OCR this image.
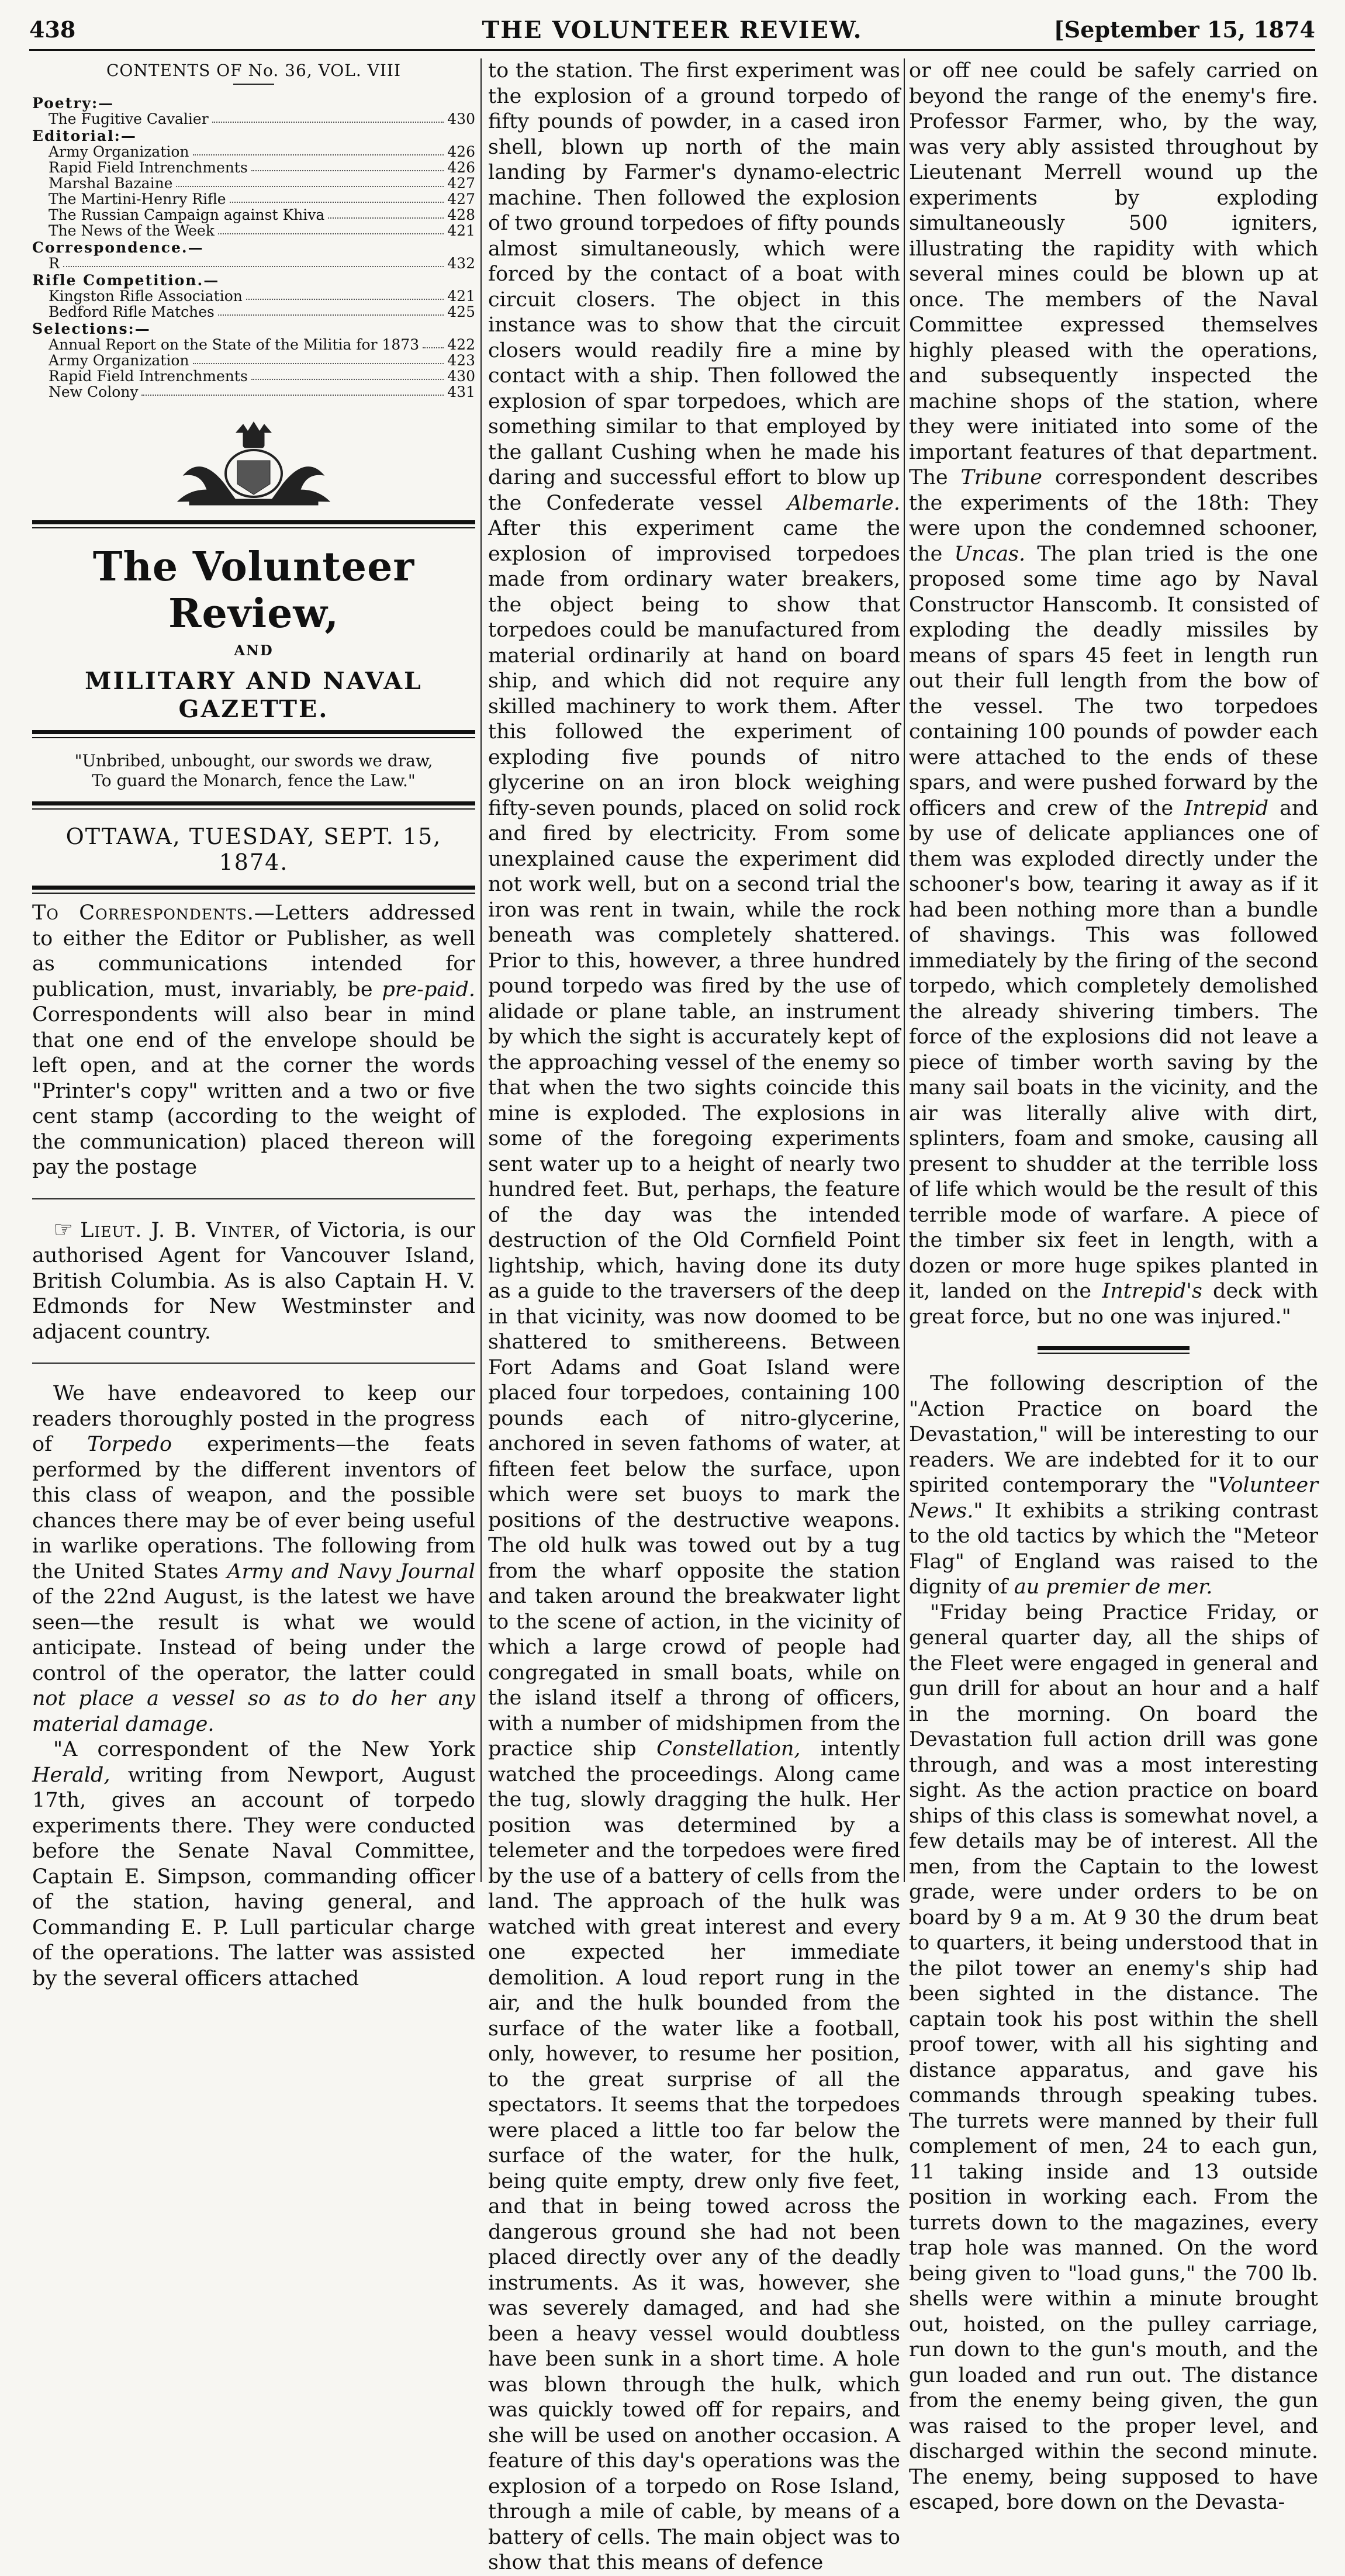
438	THE VOLUNTEER REVIEW.	[September 15, 1874
CONTENTS OF No. 36, VOL. VIII
Poetry:—
The Fugitive Cavalier	430
Editorial:—
Army Organization	426
Rapid Field Intrenchments	426
Marshal Bazaine	427
The Martini-Henry Rifle	427
The Russian Campaign against Khiva	428
The News of the Week	421
Correspondence.—
R	432
Rifle Competition.—
Kingston Rifle Association	421
Bedford Rifle Matches	425
Selections:—
Annual Report on the State of the Militia for 1873 422
Army Organization	423
Rapid Field Intrenchments	430
New Colony	431
The Volunteer Review,
AND
MILITARY AND NAVAL GAZETTE.
"Unbribed, unbought, our swords we draw,
To guard the Monarch, fence the Law."
OTTAWA, TUESDAY, SEPT. 15, 1874.

To Correspondents.—Letters addressed to either the Editor or Publisher, as well as communications intended for publication, must, invariably, be pre-paid. Correspondents will also bear in mind that one end of the envelope should be left open, and at the corner the words "Printer's copy" written and a two or five cent stamp (according to the weight of the communication) placed thereon will pay the postage

☞ Lieut. J. B. Vinter, of Victoria, is our authorised Agent for Vancouver Island, British Columbia. As is also Captain H. V. Edmonds for New Westminster and adjacent country.

We have endeavored to keep our readers thoroughly posted in the progress of Torpedo experiments—the feats performed by the different inventors of this class of weapon, and the possible chances there may be of ever being useful in warlike operations. The following from the United States Army and Navy Journal of the 22nd August, is the latest we have seen—the result is what we would anticipate. Instead of being under the control of the operator, the latter could not place a vessel so as to do her any material damage.

"A correspondent of the New York Herald, writing from Newport, August 17th, gives an account of torpedo experiments there. They were conducted before the Senate Naval Committee, Captain E. Simpson, commanding officer of the station, having general, and Commanding E. P. Lull particular charge of the operations. The latter was assisted by the several officers attached

to the station. The first experiment was the explosion of a ground torpedo of fifty pounds of powder, in a cased iron shell, blown up north of the main landing by Farmer's dynamo-electric machine. Then followed the explosion of two ground torpedoes of fifty pounds almost simultaneously, which were forced by the contact of a boat with circuit closers. The object in this instance was to show that the circuit closers would readily fire a mine by contact with a ship. Then followed the explosion of spar torpedoes, which are something similar to that employed by the gallant Cushing when he made his daring and successful effort to blow up the Confederate vessel Albemarle. After this experiment came the explosion of improvised torpedoes made from ordinary water breakers, the object being to show that torpedoes could be manufactured from material ordinarily at hand on board ship, and which did not require any skilled machinery to work them. After this followed the experiment of exploding five pounds of nitro glycerine on an iron block weighing fifty-seven pounds, placed on solid rock and fired by electricity. From some unexplained cause the experiment did not work well, but on a second trial the iron was rent in twain, while the rock beneath was completely shattered. Prior to this, however, a three hundred pound torpedo was fired by the use of alidade or plane table, an instrument by which the sight is accurately kept of the approaching vessel of the enemy so that when the two sights coincide this mine is exploded. The explosions in some of the foregoing experiments sent water up to a height of nearly two hundred feet. But, perhaps, the feature of the day was the intended destruction of the Old Cornfield Point lightship, which, having done its duty as a guide to the traversers of the deep in that vicinity, was now doomed to be shattered to smithereens. Between Fort Adams and Goat Island were placed four torpedoes, containing 100 pounds each of nitro-glycerine, anchored in seven fathoms of water, at fifteen feet below the surface, upon which were set buoys to mark the positions of the destructive weapons. The old hulk was towed out by a tug from the wharf opposite the station and taken around the breakwater light to the scene of action, in the vicinity of which a large crowd of people had congregated in small boats, while on the island itself a throng of officers, with a number of midshipmen from the practice ship Constellation, intently watched the proceedings. Along came the tug, slowly dragging the hulk. Her position was determined by a telemeter and the torpedoes were fired by the use of a battery of cells from the land. The approach of the hulk was watched with great interest and every one expected her immediate demolition. A loud report rung in the air, and the hulk bounded from the surface of the water like a football, only, however, to resume her position, to the great surprise of all the spectators. It seems that the torpedoes were placed a little too far below the surface of the water, for the hulk, being quite empty, drew only five feet, and that in being towed across the dangerous ground she had not been placed directly over any of the deadly instruments. As it was, however, she was severely damaged, and had she been a heavy vessel would doubtless have been sunk in a short time. A hole was blown through the hulk, which was quickly towed off for repairs, and she will be used on another occasion. A feature of this day's operations was the explosion of a torpedo on Rose Island, through a mile of cable, by means of a battery of cells. The main object was to show that this means of defence

or off nee could be safely carried on beyond the range of the enemy's fire. Professor Farmer, who, by the way, was very ably assisted throughout by Lieutenant Merrell wound up the experiments by exploding simultaneously 500 igniters, illustrating the rapidity with which several mines could be blown up at once. The members of the Naval Committee expressed themselves highly pleased with the operations, and subsequently inspected the machine shops of the station, where they were initiated into some of the important features of that department. The Tribune correspondent describes the experiments of the 18th: They were upon the condemned schooner, the Uncas. The plan tried is the one proposed some time ago by Naval Constructor Hanscomb. It consisted of exploding the deadly missiles by means of spars 45 feet in length run out their full length from the bow of the vessel. The two torpedoes containing 100 pounds of powder each were attached to the ends of these spars, and were pushed forward by the officers and crew of the Intrepid and by use of delicate appliances one of them was exploded directly under the schooner's bow, tearing it away as if it had been nothing more than a bundle of shavings. This was followed immediately by the firing of the second torpedo, which completely demolished the already shivering timbers. The force of the explosions did not leave a piece of timber worth saving by the many sail boats in the vicinity, and the air was literally alive with dirt, splinters, foam and smoke, causing all present to shudder at the terrible loss of life which would be the result of this terrible mode of warfare. A piece of the timber six feet in length, with a dozen or more huge spikes planted in it, landed on the Intrepid's deck with great force, but no one was injured."

The following description of the "Action Practice on board the Devastation," will be interesting to our readers. We are indebted for it to our spirited contemporary the "Volunteer News." It exhibits a striking contrast to the old tactics by which the "Meteor Flag" of England was raised to the dignity of au premier de mer.

"Friday being Practice Friday, or general quarter day, all the ships of the Fleet were engaged in general and gun drill for about an hour and a half in the morning. On board the Devastation full action drill was gone through, and was a most interesting sight. As the action practice on board ships of this class is somewhat novel, a few details may be of interest. All the men, from the Captain to the lowest grade, were under orders to be on board by 9 a m. At 9 30 the drum beat to quarters, it being understood that in the pilot tower an enemy's ship had been sighted in the distance. The captain took his post within the shell proof tower, with all his sighting and distance apparatus, and gave his commands through speaking tubes. The turrets were manned by their full complement of men, 24 to each gun, 11 taking inside and 13 outside position in working each. From the turrets down to the magazines, every trap hole was manned. On the word being given to "load guns," the 700 lb. shells were within a minute brought out, hoisted, on the pulley carriage, run down to the gun's mouth, and the gun loaded and run out. The distance from the enemy being given, the gun was raised to the proper level, and discharged within the second minute. The enemy, being supposed to have escaped, bore down on the Devasta-
